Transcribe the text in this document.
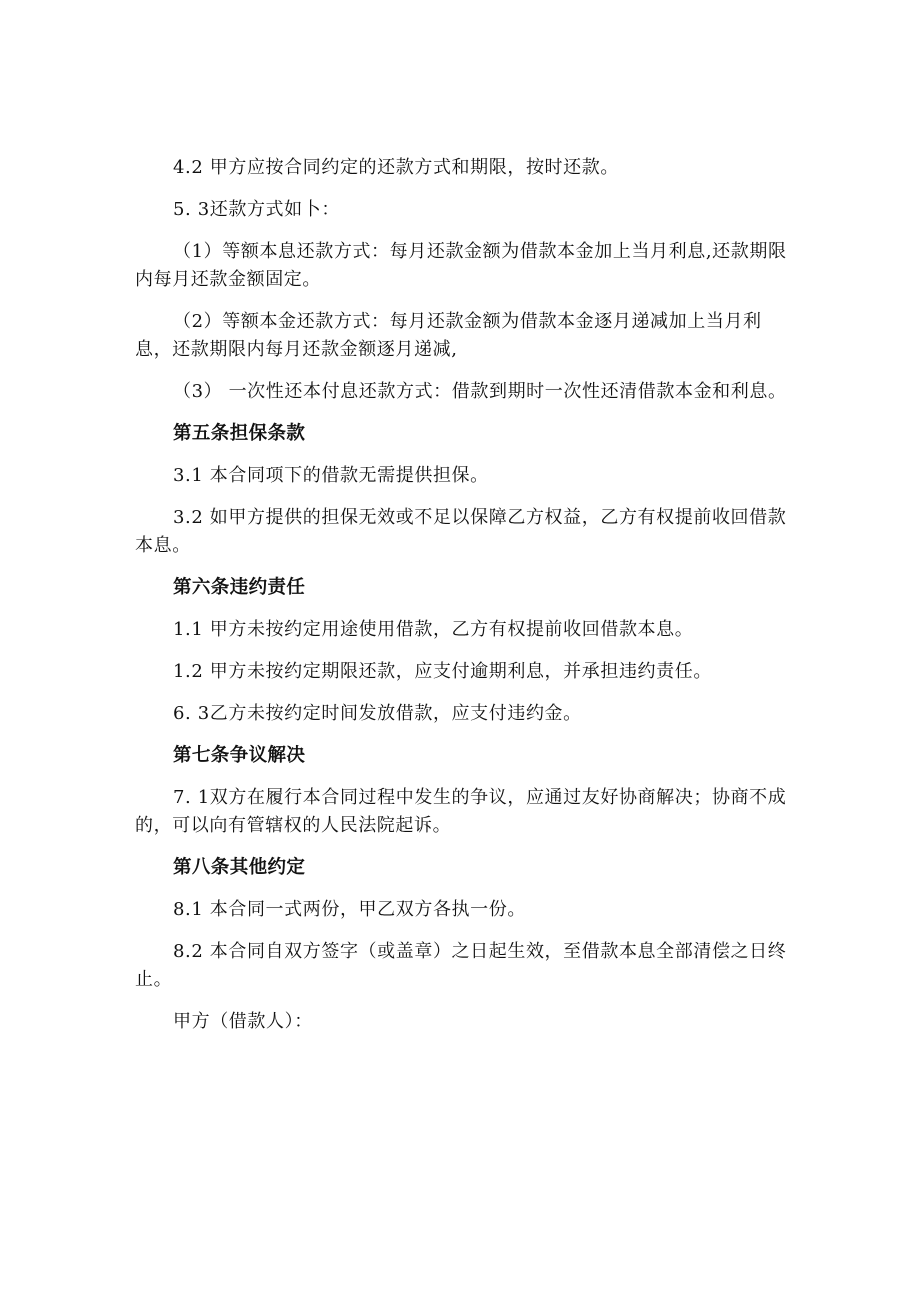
4.2 甲方应按合同约定的还款方式和期限，按时还款。

5. 3还款方式如卜：

（1）等额本息还款方式：每月还款金额为借款本金加上当月利息,还款期限内每月还款金额固定。

（2）等额本金还款方式：每月还款金额为借款本金逐月递减加上当月利息，还款期限内每月还款金额逐月递减,

（3） 一次性还本付息还款方式：借款到期时一次性还清借款本金和利息。

第五条担保条款

3.1 本合同项下的借款无需提供担保。

3.2 如甲方提供的担保无效或不足以保障乙方权益，乙方有权提前收回借款本息。

第六条违约责任

1.1 甲方未按约定用途使用借款，乙方有权提前收回借款本息。

1.2 甲方未按约定期限还款，应支付逾期利息，并承担违约责任。

6. 3乙方未按约定时间发放借款，应支付违约金。

第七条争议解决

7. 1双方在履行本合同过程中发生的争议，应通过友好协商解决；协商不成的，可以向有管辖权的人民法院起诉。

第八条其他约定

8.1 本合同一式两份，甲乙双方各执一份。

8.2 本合同自双方签字（或盖章）之日起生效，至借款本息全部清偿之日终止。

甲方（借款人）：
